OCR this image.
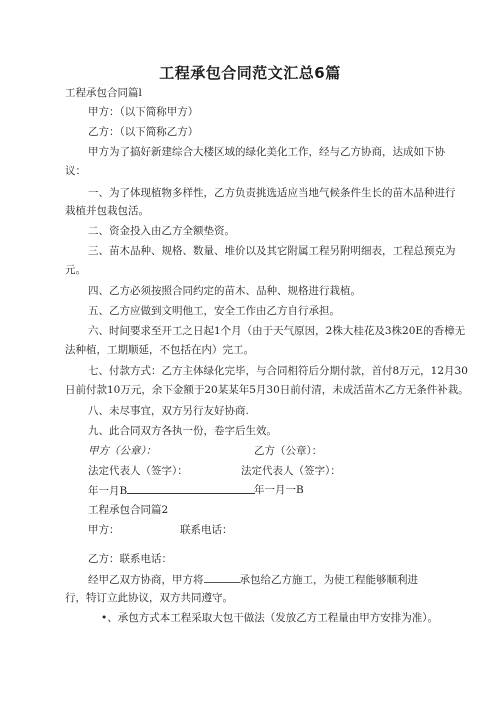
工程承包合同范文汇总6篇
工程承包合同篇l
甲方：（以下简称甲方）
乙方：（以下简称乙方）
甲方为了搞好新建综合大楼区域的绿化美化工作，经与乙方协商，达成如下协
议：
一、为了体现植物多样性，乙方负责挑选适应当地气候条件生长的苗木品种进行
栽植并包栽包活。
二、资金投入由乙方全额垫资。
三、苗木品种、规格、数量、堆价以及其它附属工程另附明细表，工程总预克为
元。
四、乙方必须按照合同约定的苗木、品种、规格进行栽植。
五、乙方应做到文明他工，安全工作由乙方自行承担。
六、时间要求至开工之日起1个月（由于天气原因，2株大桂花及3株20E的香樟无
法种植，工期顺延，不包括在内）完工。
七、付款方式：乙方主体绿化完毕，与合同相符后分期付款，首付8万元，12月30
日前付款10万元，余下金额于20某某年5月30日前付清，未成活苗木乙方无条件补栽。
八、未尽事宜，双方另行友好协商.
九、此合同双方各执一份，卷字后生效。
甲方（公章）：	乙方（公章）：
法定代表人（签字）：	法定代表人（签字）：
年一月B	年一月一B
工程承包合同篇2
甲方：	联系电话：
乙方：联系电话：
经甲乙双方协商，甲方将	承包给乙方施工，为使工程能够顺利进
行，特订立此协议，双方共同遵守。
•、承包方式本工程采取大包干做法（发放乙方工程量由甲方安排为准）。
